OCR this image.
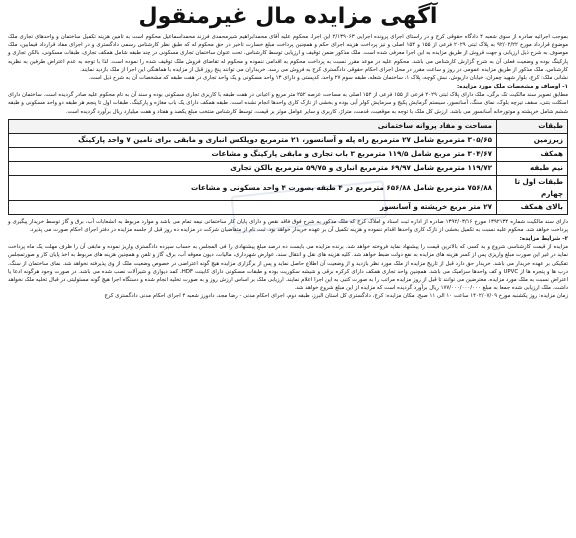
آگهی مزایده مال غیرمنقول

بموجب اجرائیه صادره از سوی شعبه ۴ دادگاه حقوقی کرج و در راستای اجرای پرونده اجرایی ۲/۱۳۹۰۶۳ این اجرا، محکوم علیه آقای محمدابراهیم شیرمحمدی فرزند محمداسماعیل محکوم است به تامین هزینه تکمیل ساختمان و واحدهای تجاری ملک موضوع قرارداد مورخ ۹۲/۰۲/۲۲ به پلاک ثبتی ۲۰۲۹ فرعی از ۱۵۵ و ۱۵۴ اصلی و نیز پرداخت هزینه اجرای حکم و همچنین پرداخت مبلغ خسارت تاخیر در حق محکوم له که طبق نظر کارشناس رسمی دادگستری و در اجرای مفاد قرارداد فیمابین، ملک موصوف به شرح ذیل ارزیابی و جهت فروش از طریق مزایده به این اجرا معرفی شده است. ملک مذکور ضمن توقیف و ارزیابی توسط کارشناس، تحت عنوان ساختمان تجاری مسکونی در چند طبقه شامل همکف تجاری، طبقات مسکونی، بالکن تجاری و پارکینگ بوده و وضعیت فعلی آن به شرح گزارش کارشناس می باشد. محکوم علیه در موعد مقرر نسبت به پرداخت محکوم به اقدامی ننموده و محکوم له تقاضای فروش ملک توقیف شده را نموده است. لذا با توجه به عدم اعتراض طرفین به نظریه کارشناس، ملک مذکور از طریق مزایده عمومی در روز و ساعت مقرر در محل اجرای احکام حقوقی دادگستری کرج به فروش می رسد. خریداران می توانند پنج روز قبل از مزایده با هماهنگی این اجرا از ملک بازدید نمایند.

نشانی ملک: کرج، بلوار شهید چمران، خیابان داریوش، نبش کوچه، پلاک ۱، ساختمان شعله، طبقه سوم ۲۷ واحد، کدپستی و دارای ۱۳ واحد مسکونی و یک واحد تجاری در هفت طبقه که مشخصات آن به شرح ذیل است.

۱- اوصاف و مشخصات ملک مورد مزایده:

مطابق تصویر سند مالکیت تک برگی، ملک دارای پلاک ثبتی ۲۰۲۹ فرعی از ۱۵۵ فرعی از ۱۵۴ اصلی به مساحت عرصه ۲۵۲ متر مربع و اعیانی در هفت طبقه با کاربری تجاری مسکونی بوده و سند آن به نام محکوم علیه صادر گردیده است. ساختمان دارای اسکلت بتنی، سقف تیرچه بلوک، نمای سنگ، آسانسور، سیستم گرمایش پکیج و سرمایش کولر آبی بوده و بخشی از نازک کاری واحدها انجام نشده است. طبقه همکف دارای یک باب مغازه و پارکینگ، طبقات اول تا پنجم هر طبقه دو واحد مسکونی و طبقه ششم شامل خرپشته و موتورخانه آسانسور می باشد. ارزش کل ملک با توجه به موقعیت، قدمت، متراژ، کاربری و سایر عوامل موثر بر قیمت، توسط کارشناس منتخب مبلغ یکصد و هفتاد و هفت میلیارد ریال برآورد گردیده است.

طبقات	مساحت و مفاد پروانه ساختمانی
زیرزمین	۳۰۵/۶۵ مترمربع شامل ۲۷ مترمربع راه پله و آسانسور، ۲۱ مترمربع دوپلکس انباری و مابقی برای تامین ۷ واحد پارکینگ
همکف	۳۰۴/۶۷ متر مربع شامل ۱۱۹/۵ مترمربع ۳ باب تجاری و مابقی پارکینگ و مشاعات
نیم طبقه	۱۱۹/۷۲ مترمربع شامل ۶۹/۹۷ مترمربع انباری و ۵۹/۷۵ مترمربع بالکن تجاری
طبقات اول تا چهارم	۷۵۶/۸۸ مترمربع شامل ۶۵۶/۸۸ مترمربع در ۴ طبقه بصورت ۴ واحد مسکونی و مشاعات
بالای همکف	۲۷ متر مربع خرپشته و آسانسور

دارای سند مالکیت شماره ۱۳۹۲۱۳۴ مورخ ۱۳۹۲/۰۳/۱۶ صادره از اداره ثبت اسناد و املاک کرج که ملک مذکور به شرح فوق فاقد نقص و دارای پایان کار ساختمانی نیمه تمام می باشد و موارد مربوط به انشعابات آب، برق و گاز توسط خریدار پیگیری و پرداخت خواهد شد. محکوم علیه نسبت به تکمیل بخشی از نازک کاری واحدها اقدام ننموده و هزینه تکمیل آن بر عهده خریدار خواهد بود. ثبت نام از متقاضیان شرکت در مزایده ده روز قبل از جلسه مزایده در دفتر اجرای احکام صورت می پذیرد.

۲- شرایط مزایده:

مزایده از قیمت کارشناسی شروع و به کسی که بالاترین قیمت را پیشنهاد نماید فروخته خواهد شد. برنده مزایده می بایست ده درصد مبلغ پیشنهادی را فی المجلس به حساب سپرده دادگستری واریز نموده و مابقی آن را ظرف مهلت یک ماه پرداخت نماید در غیر این صورت مبلغ واریزی پس از کسر هزینه های مزایده به نفع دولت ضبط خواهد شد. کلیه هزینه های نقل و انتقال سند، عوارض شهرداری، مالیات، دیون معوقه آب، برق، گاز و تلفن و همچنین هزینه های مربوط به اخذ پایان کار و صورتمجلس تفکیکی بر عهده خریدار می باشد. خریدار حق دارد قبل از تاریخ مزایده از ملک مورد نظر بازدید و از وضعیت آن اطلاع حاصل نماید و پس از برگزاری مزایده هیچ گونه اعتراضی در خصوص وضعیت ملک از وی پذیرفته نخواهد شد. نمای ساختمان از سنگ، درب ها و پنجره ها از UPVC و کف واحدها سرامیک می باشد. همچنین واحد تجاری همکف دارای کرکره برقی و شیشه سکوریت بوده و طبقات مسکونی دارای کابینت HDF، کمد دیواری و شیرآلات نصب شده می باشد. در صورت وجود هرگونه ادعا یا اعتراض نسبت به ملک مورد مزایده، معترضین می توانند تا قبل از روز مزایده مراتب را به صورت کتبی به این اجرا اعلام نمایند. ارزیابی ملک بر اساس ارزش روز و به صورت تخلیه انجام شده و دستگاه اجرا هیچ گونه مسئولیتی در قبال تخلیه ملک نخواهد داشت. ملک ارزیابی شده جمعا به مبلغ ۱۷۷/۰۰۰/۰۰۰/۰۰۰ ریال برآورد گردیده است که مزایده از این مبلغ شروع خواهد شد.

زمان مزایده: روز یکشنبه مورخ ۱۴۰۲/۰۷/۰۹ ساعت ۱۰ الی ۱۱ صبح. مکان مزایده: کرج، دادگستری کل استان البرز، طبقه دوم، اجرای احکام مدنی - رضا مجد، دادورز شعبه ۴ اجرای احکام مدنی دادگستری کرج
